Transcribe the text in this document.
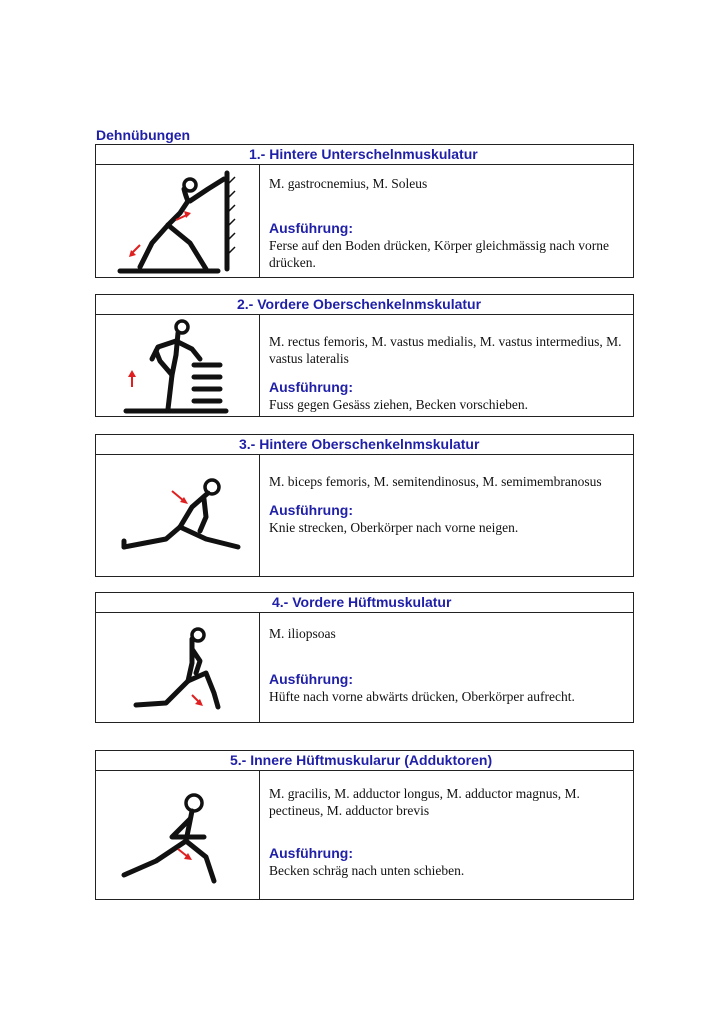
Dehnübungen
1.- Hintere Unterschelnmuskulatur
M. gastrocnemius, M. Soleus
Ausführung:
Ferse auf den Boden drücken, Körper gleichmässig nach vorne drücken.
2.- Vordere Oberschenkelnmskulatur
M. rectus femoris, M. vastus medialis, M. vastus intermedius, M. vastus lateralis
Ausführung:
Fuss gegen Gesäss ziehen, Becken vorschieben.
3.- Hintere Oberschenkelnmskulatur
M. biceps femoris, M. semitendinosus, M. semimembranosus
Ausführung:
Knie strecken, Oberkörper nach vorne neigen.
4.- Vordere Hüftmuskulatur
M. iliopsoas
Ausführung:
Hüfte nach vorne abwärts drücken, Oberkörper aufrecht.
5.- Innere Hüftmuskularur (Adduktoren)
M. gracilis, M. adductor longus, M. adductor magnus, M. pectineus, M. adductor brevis
Ausführung:
Becken schräg nach unten schieben.
